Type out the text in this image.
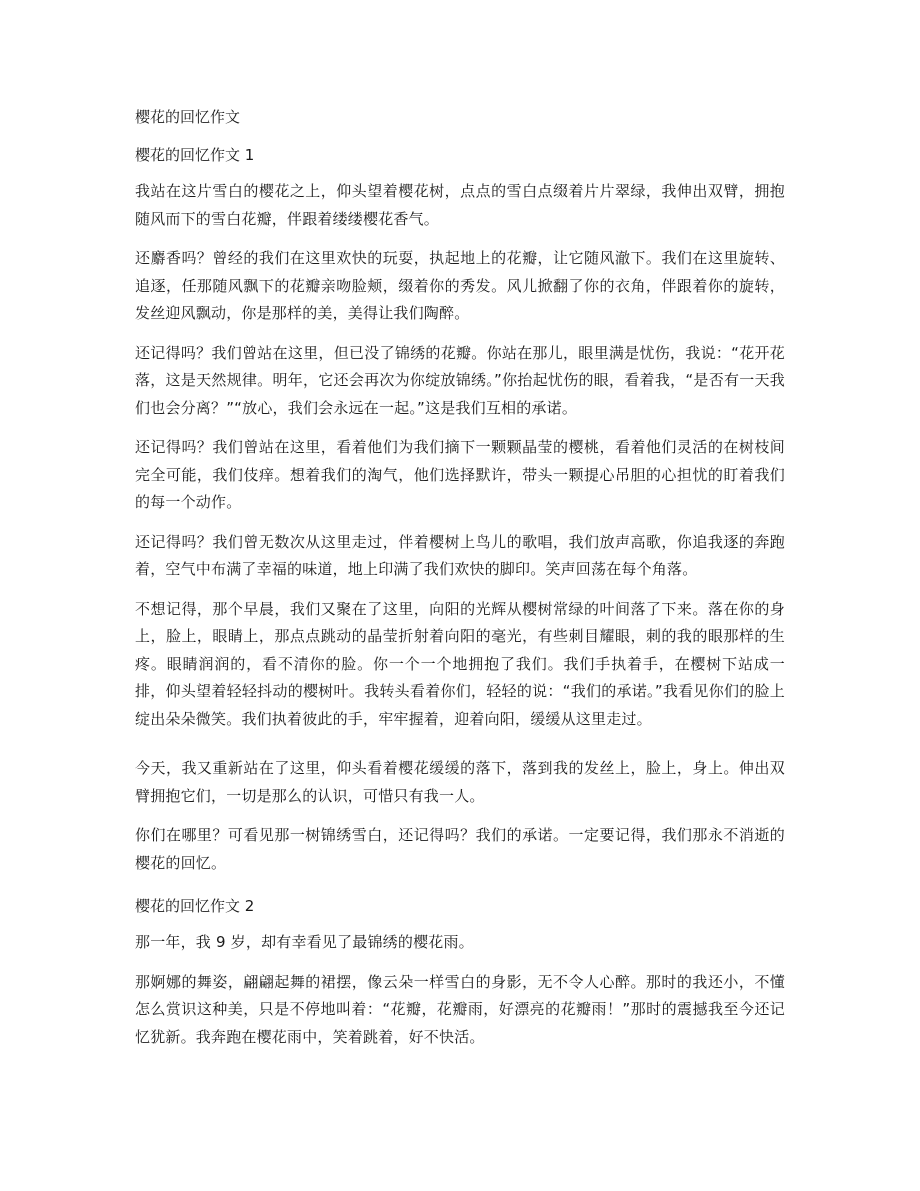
樱花的回忆作文
樱花的回忆作文 1

我站在这片雪白的樱花之上，仰头望着樱花树，点点的雪白点缀着片片翠绿，我伸出双臂，拥抱随风而下的雪白花瓣，伴跟着缕缕樱花香气。

还麝香吗？曾经的我们在这里欢快的玩耍，执起地上的花瓣，让它随风澈下。我们在这里旋转、追逐，任那随风飘下的花瓣亲吻脸颊，缀着你的秀发。风儿掀翻了你的衣角，伴跟着你的旋转，发丝迎风飘动，你是那样的美，美得让我们陶醉。

还记得吗？我们曾站在这里，但已没了锦绣的花瓣。你站在那儿，眼里满是忧伤，我说：“花开花落，这是天然规律。明年，它还会再次为你绽放锦绣。”你抬起忧伤的眼，看着我，“是否有一天我们也会分离？”“放心，我们会永远在一起。”这是我们互相的承诺。

还记得吗？我们曾站在这里，看着他们为我们摘下一颗颗晶莹的樱桃，看着他们灵活的在树枝间完全可能，我们伎痒。想着我们的淘气，他们选择默许，带头一颗提心吊胆的心担忧的盯着我们的每一个动作。

还记得吗？我们曾无数次从这里走过，伴着樱树上鸟儿的歌唱，我们放声高歌，你追我逐的奔跑着，空气中布满了幸福的味道，地上印满了我们欢快的脚印。笑声回荡在每个角落。

不想记得，那个早晨，我们又聚在了这里，向阳的光辉从樱树常绿的叶间落了下来。落在你的身上，脸上，眼睛上，那点点跳动的晶莹折射着向阳的毫光，有些刺目耀眼，刺的我的眼那样的生疼。眼睛润润的，看不清你的脸。你一个一个地拥抱了我们。我们手执着手，在樱树下站成一排，仰头望着轻轻抖动的樱树叶。我转头看着你们，轻轻的说：“我们的承诺。”我看见你们的脸上绽出朵朵微笑。我们执着彼此的手，牢牢握着，迎着向阳，缓缓从这里走过。

今天，我又重新站在了这里，仰头看着樱花缓缓的落下，落到我的发丝上，脸上，身上。伸出双臂拥抱它们，一切是那么的认识，可惜只有我一人。

你们在哪里？可看见那一树锦绣雪白，还记得吗？我们的承诺。一定要记得，我们那永不消逝的樱花的回忆。

樱花的回忆作文 2

那一年，我 9 岁，却有幸看见了最锦绣的樱花雨。

那婀娜的舞姿，翩翩起舞的裙摆，像云朵一样雪白的身影，无不令人心醉。那时的我还小，不懂怎么赏识这种美，只是不停地叫着：“花瓣，花瓣雨，好漂亮的花瓣雨！”那时的震撼我至今还记忆犹新。我奔跑在樱花雨中，笑着跳着，好不快活。
